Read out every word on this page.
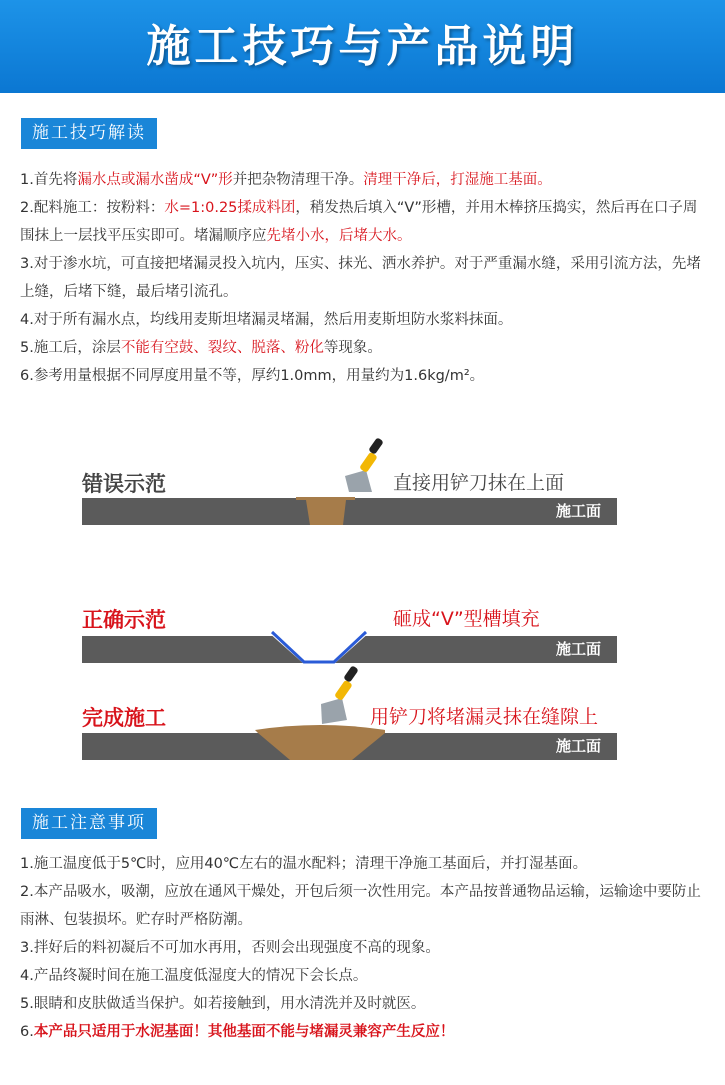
施工技巧与产品说明
施工技巧解读
1.首先将漏水点或漏水凿成“V”形并把杂物清理干净。清理干净后，打湿施工基面。
2.配料施工：按粉料：水=1:0.25揉成料团，稍发热后填入“V”形槽，并用木棒挤压捣实，然后再在口子周围抹上一层找平压实即可。堵漏顺序应先堵小水，后堵大水。
3.对于渗水坑，可直接把堵漏灵投入坑内，压实、抹光、洒水养护。对于严重漏水缝，采用引流方法，先堵上缝，后堵下缝，最后堵引流孔。
4.对于所有漏水点，均线用麦斯坦堵漏灵堵漏，然后用麦斯坦防水浆料抹面。
5.施工后，涂层不能有空鼓、裂纹、脱落、粉化等现象。
6.参考用量根据不同厚度用量不等，厚约1.0mm，用量约为1.6kg/m²。
错误示范	直接用铲刀抹在上面
施工面
正确示范	砸成“V”型槽填充
施工面
完成施工	用铲刀将堵漏灵抹在缝隙上
施工面
施工注意事项
1.施工温度低于5℃时，应用40℃左右的温水配料；清理干净施工基面后，并打湿基面。
2.本产品吸水，吸潮，应放在通风干燥处，开包后须一次性用完。本产品按普通物品运输，运输途中要防止雨淋、包装损坏。贮存时严格防潮。
3.拌好后的料初凝后不可加水再用，否则会出现强度不高的现象。
4.产品终凝时间在施工温度低湿度大的情况下会长点。
5.眼睛和皮肤做适当保护。如若接触到，用水清洗并及时就医。
6.本产品只适用于水泥基面！其他基面不能与堵漏灵兼容产生反应！
